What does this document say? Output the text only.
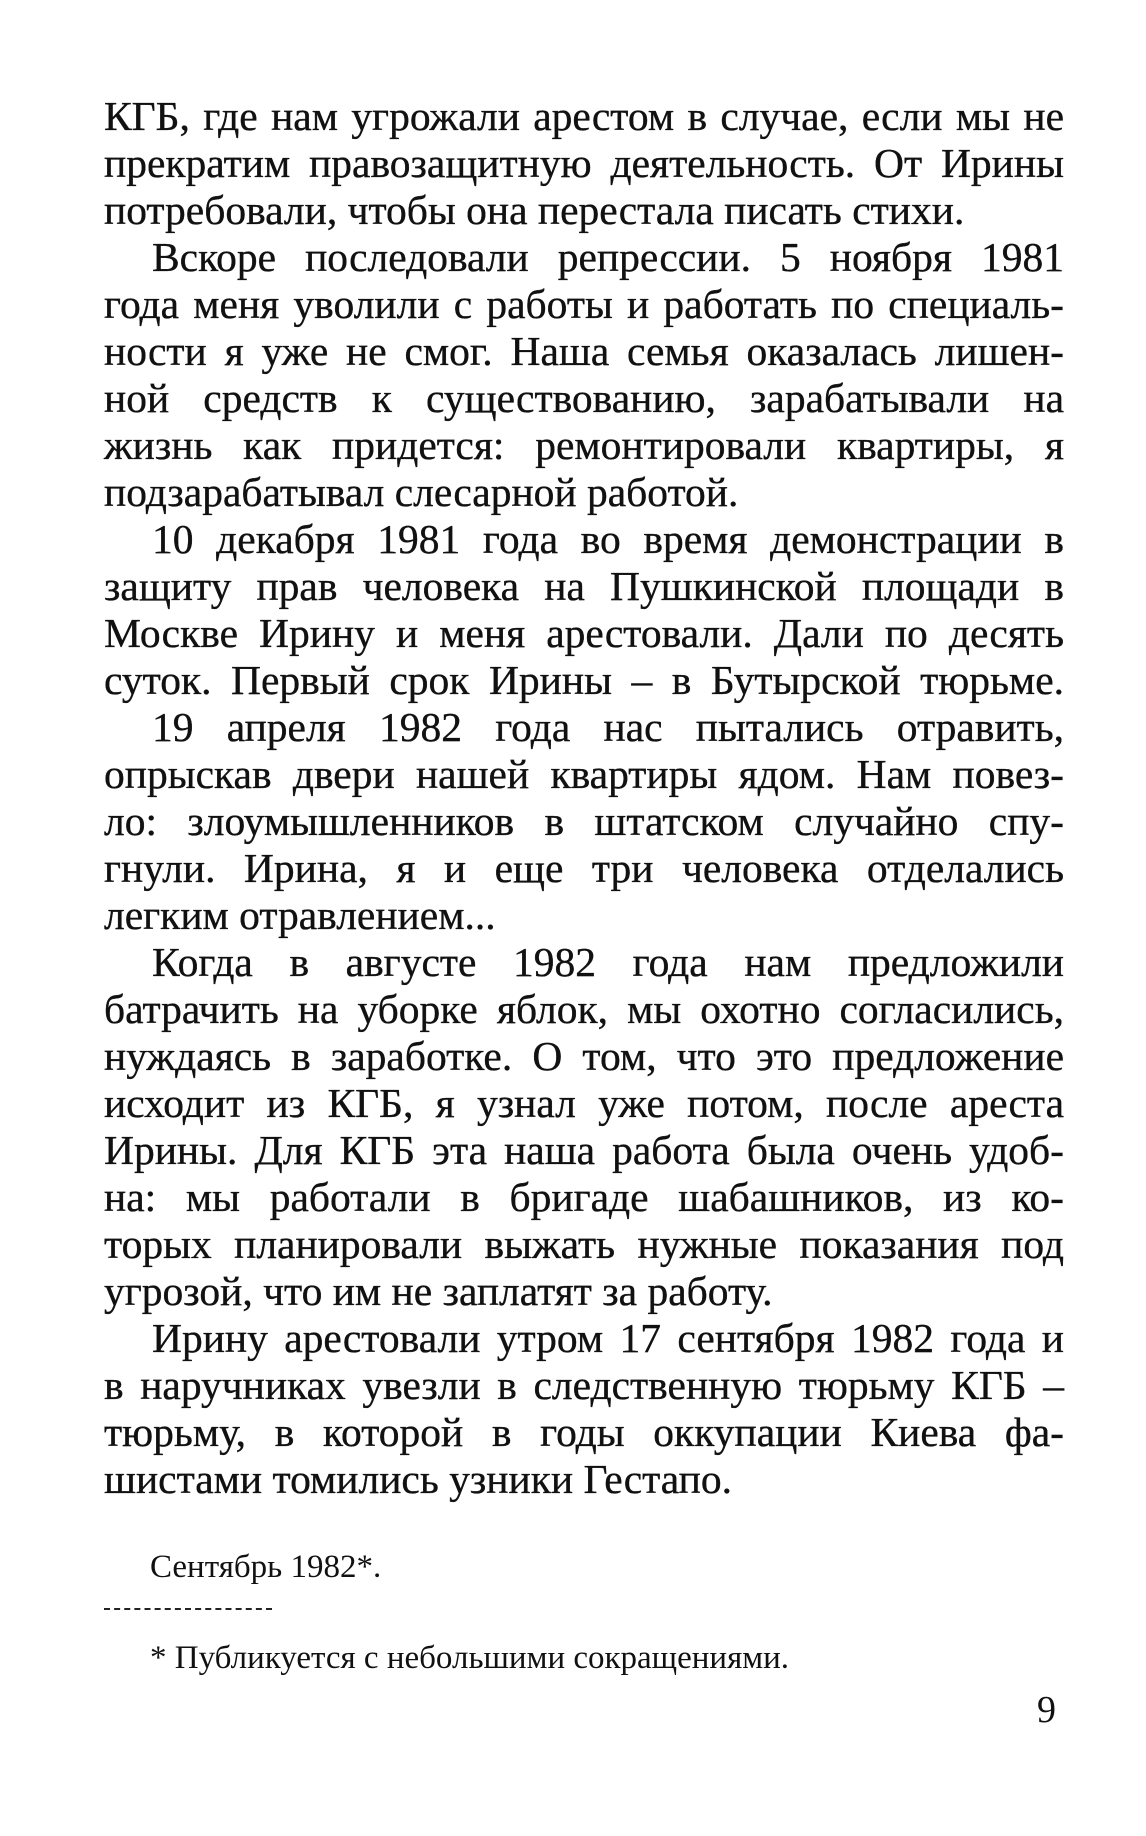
КГБ, где нам угрожали арестом в случае, если мы не
прекратим правозащитную деятельность. От Ирины
потребовали, чтобы она перестала писать стихи.
Вскоре последовали репрессии. 5 ноября 1981
года меня уволили с работы и работать по специаль-
ности я уже не смог. Наша семья оказалась лишен-
ной средств к существованию, зарабатывали на
жизнь как придется: ремонтировали квартиры, я
подзарабатывал слесарной работой.
10 декабря 1981 года во время демонстрации в
защиту прав человека на Пушкинской площади в
Москве Ирину и меня арестовали. Дали по десять
суток. Первый срок Ирины – в Бутырской тюрьме.
19 апреля 1982 года нас пытались отравить,
опрыскав двери нашей квартиры ядом. Нам повез-
ло: злоумышленников в штатском случайно спу-
гнули. Ирина, я и еще три человека отделались
легким отравлением...
Когда в августе 1982 года нам предложили
батрачить на уборке яблок, мы охотно согласились,
нуждаясь в заработке. О том, что это предложение
исходит из КГБ, я узнал уже потом, после ареста
Ирины. Для КГБ эта наша работа была очень удоб-
на: мы работали в бригаде шабашников, из ко-
торых планировали выжать нужные показания под
угрозой, что им не заплатят за работу.
Ирину арестовали утром 17 сентября 1982 года и
в наручниках увезли в следственную тюрьму КГБ –
тюрьму, в которой в годы оккупации Киева фа-
шистами томились узники Гестапо.
Сентябрь 1982*.
* Публикуется с небольшими сокращениями.
9
